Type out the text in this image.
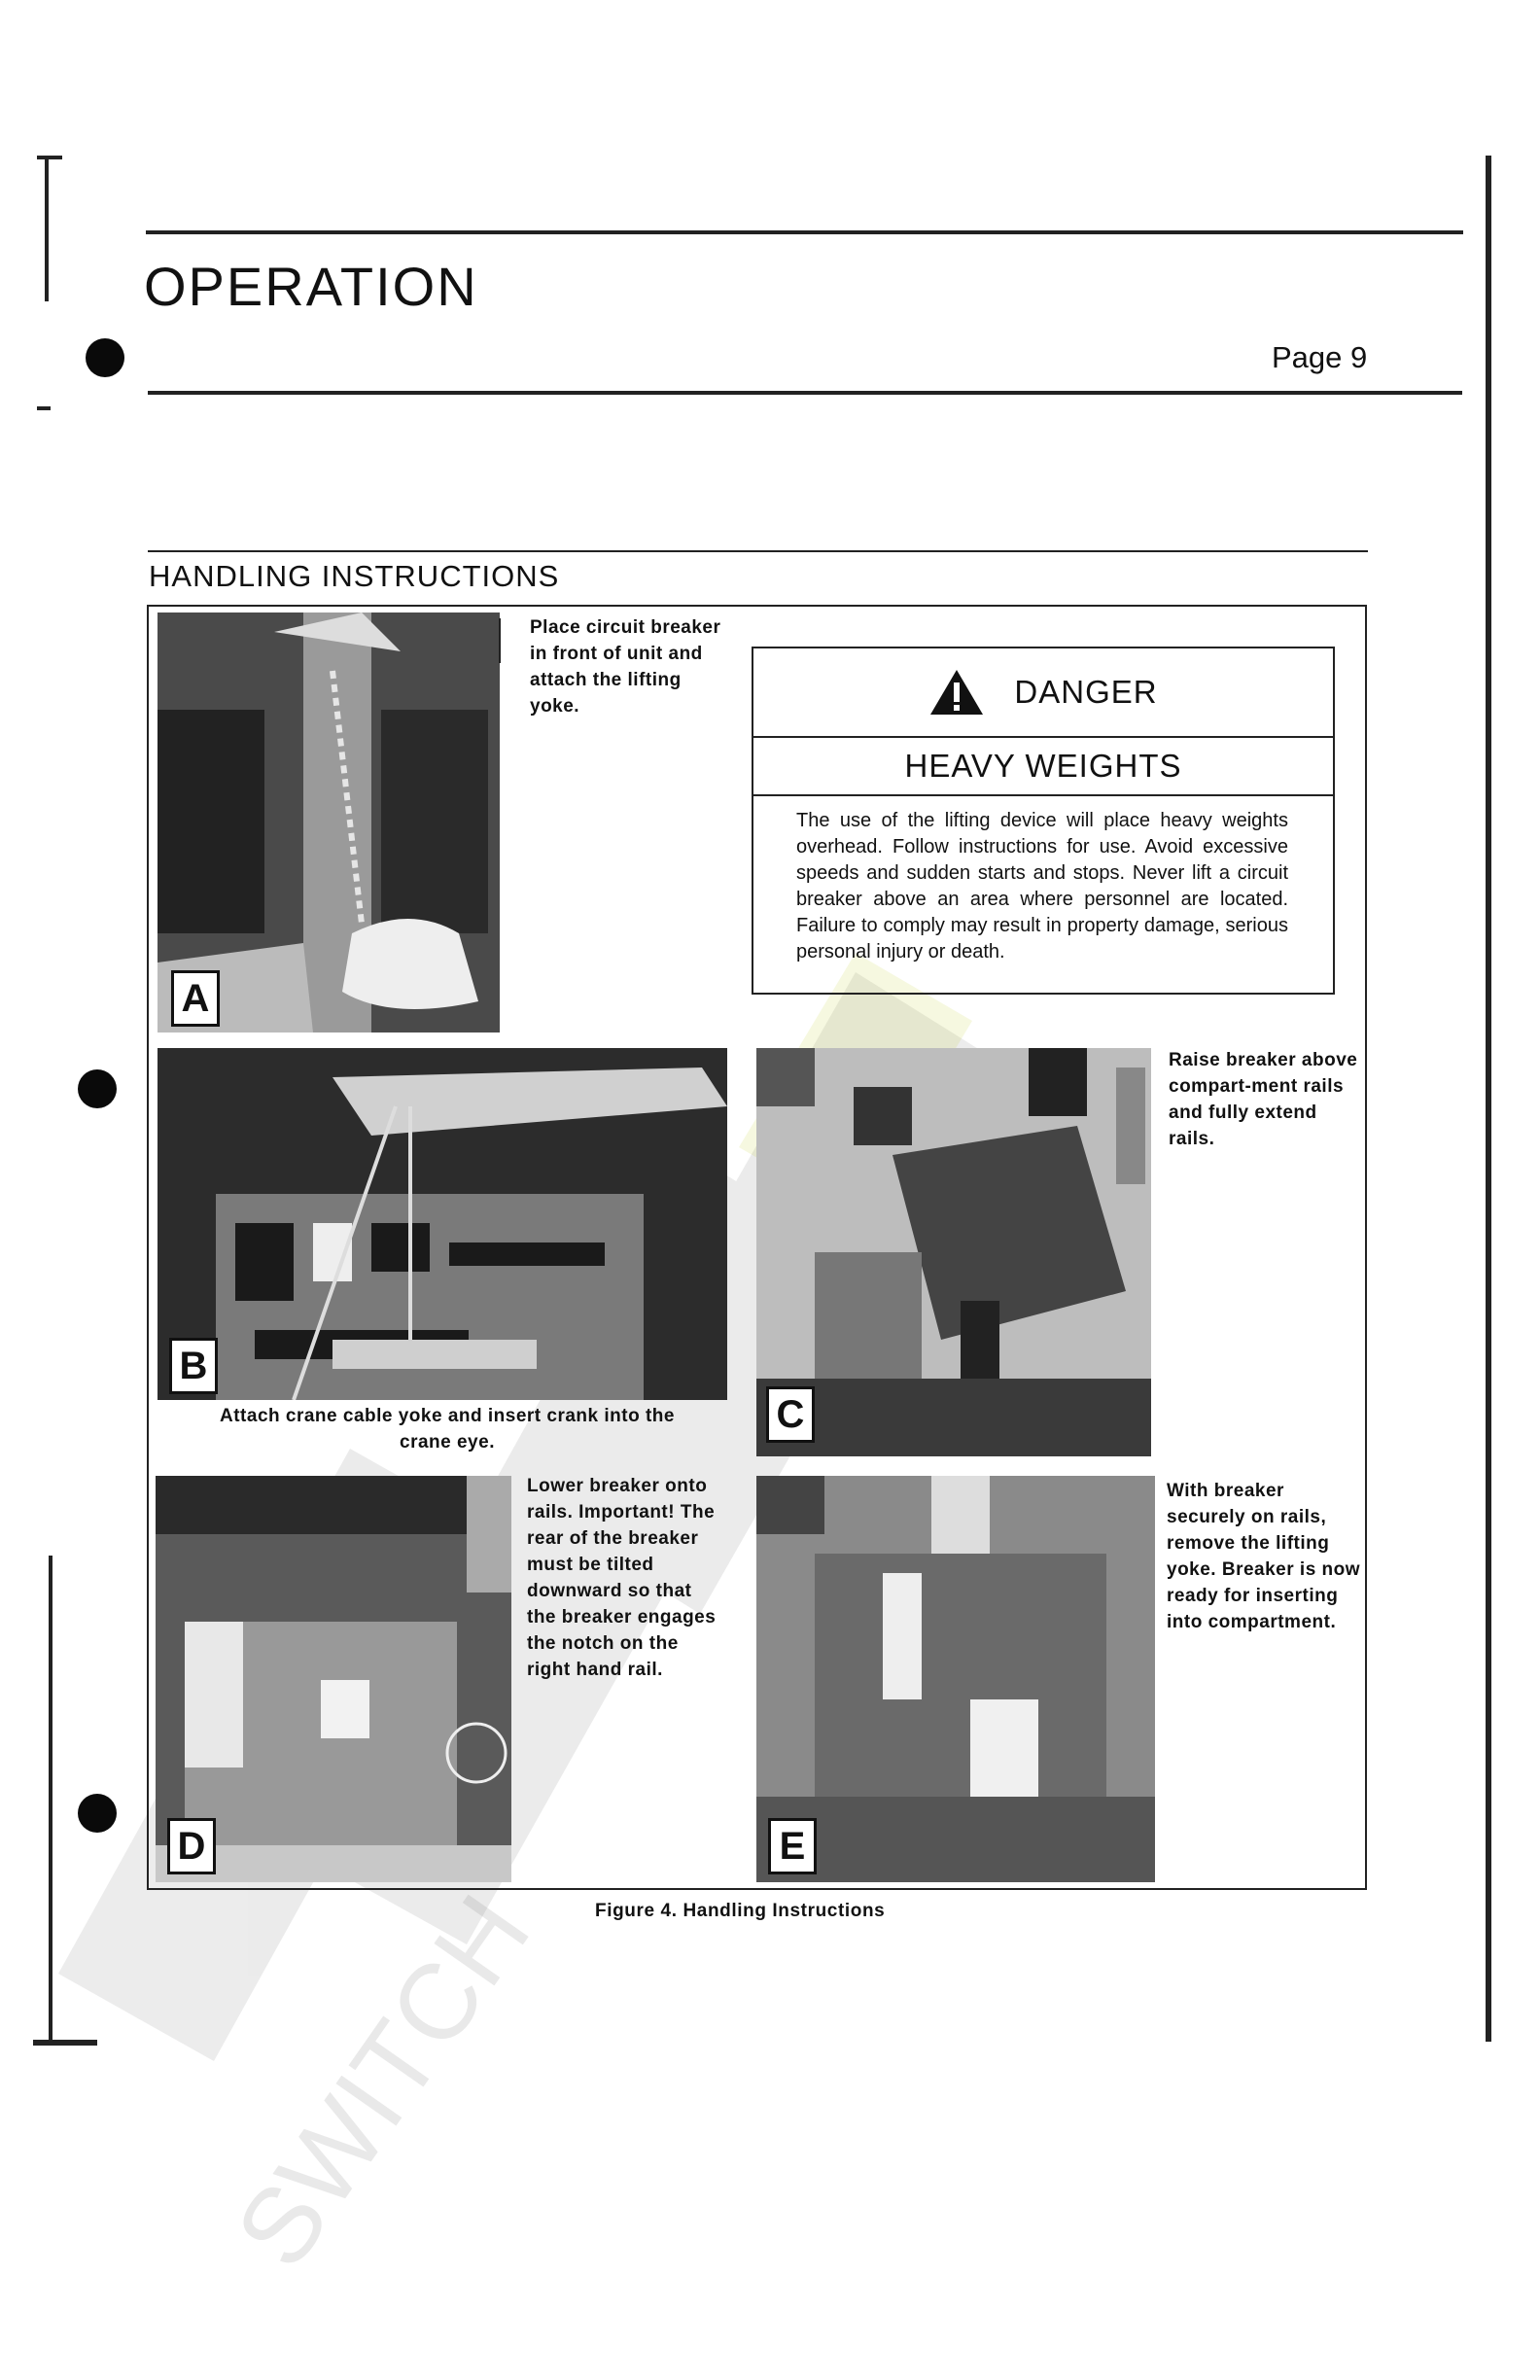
SWITCH
OPERATION
Page 9
HANDLING INSTRUCTIONS
A
Place circuit breaker in front of unit and attach the lifting yoke.	DANGER
HEAVY WEIGHTS
The use of the lifting device will place heavy weights overhead. Follow instructions for use. Avoid excessive speeds and sudden starts and stops. Never lift a circuit breaker above an area where personnel are located. Failure to comply may result in property damage, serious personal injury or death.
B
Attach crane cable yoke and insert crank into the crane eye.
C
Raise breaker above compart-ment rails and fully extend rails.
D
Lower breaker onto rails. Important! The rear of the breaker must be tilted downward so that the breaker engages the notch on the right hand rail.
E
With breaker securely on rails, remove the lifting yoke. Breaker is now ready for inserting into compartment.
Figure 4. Handling Instructions
